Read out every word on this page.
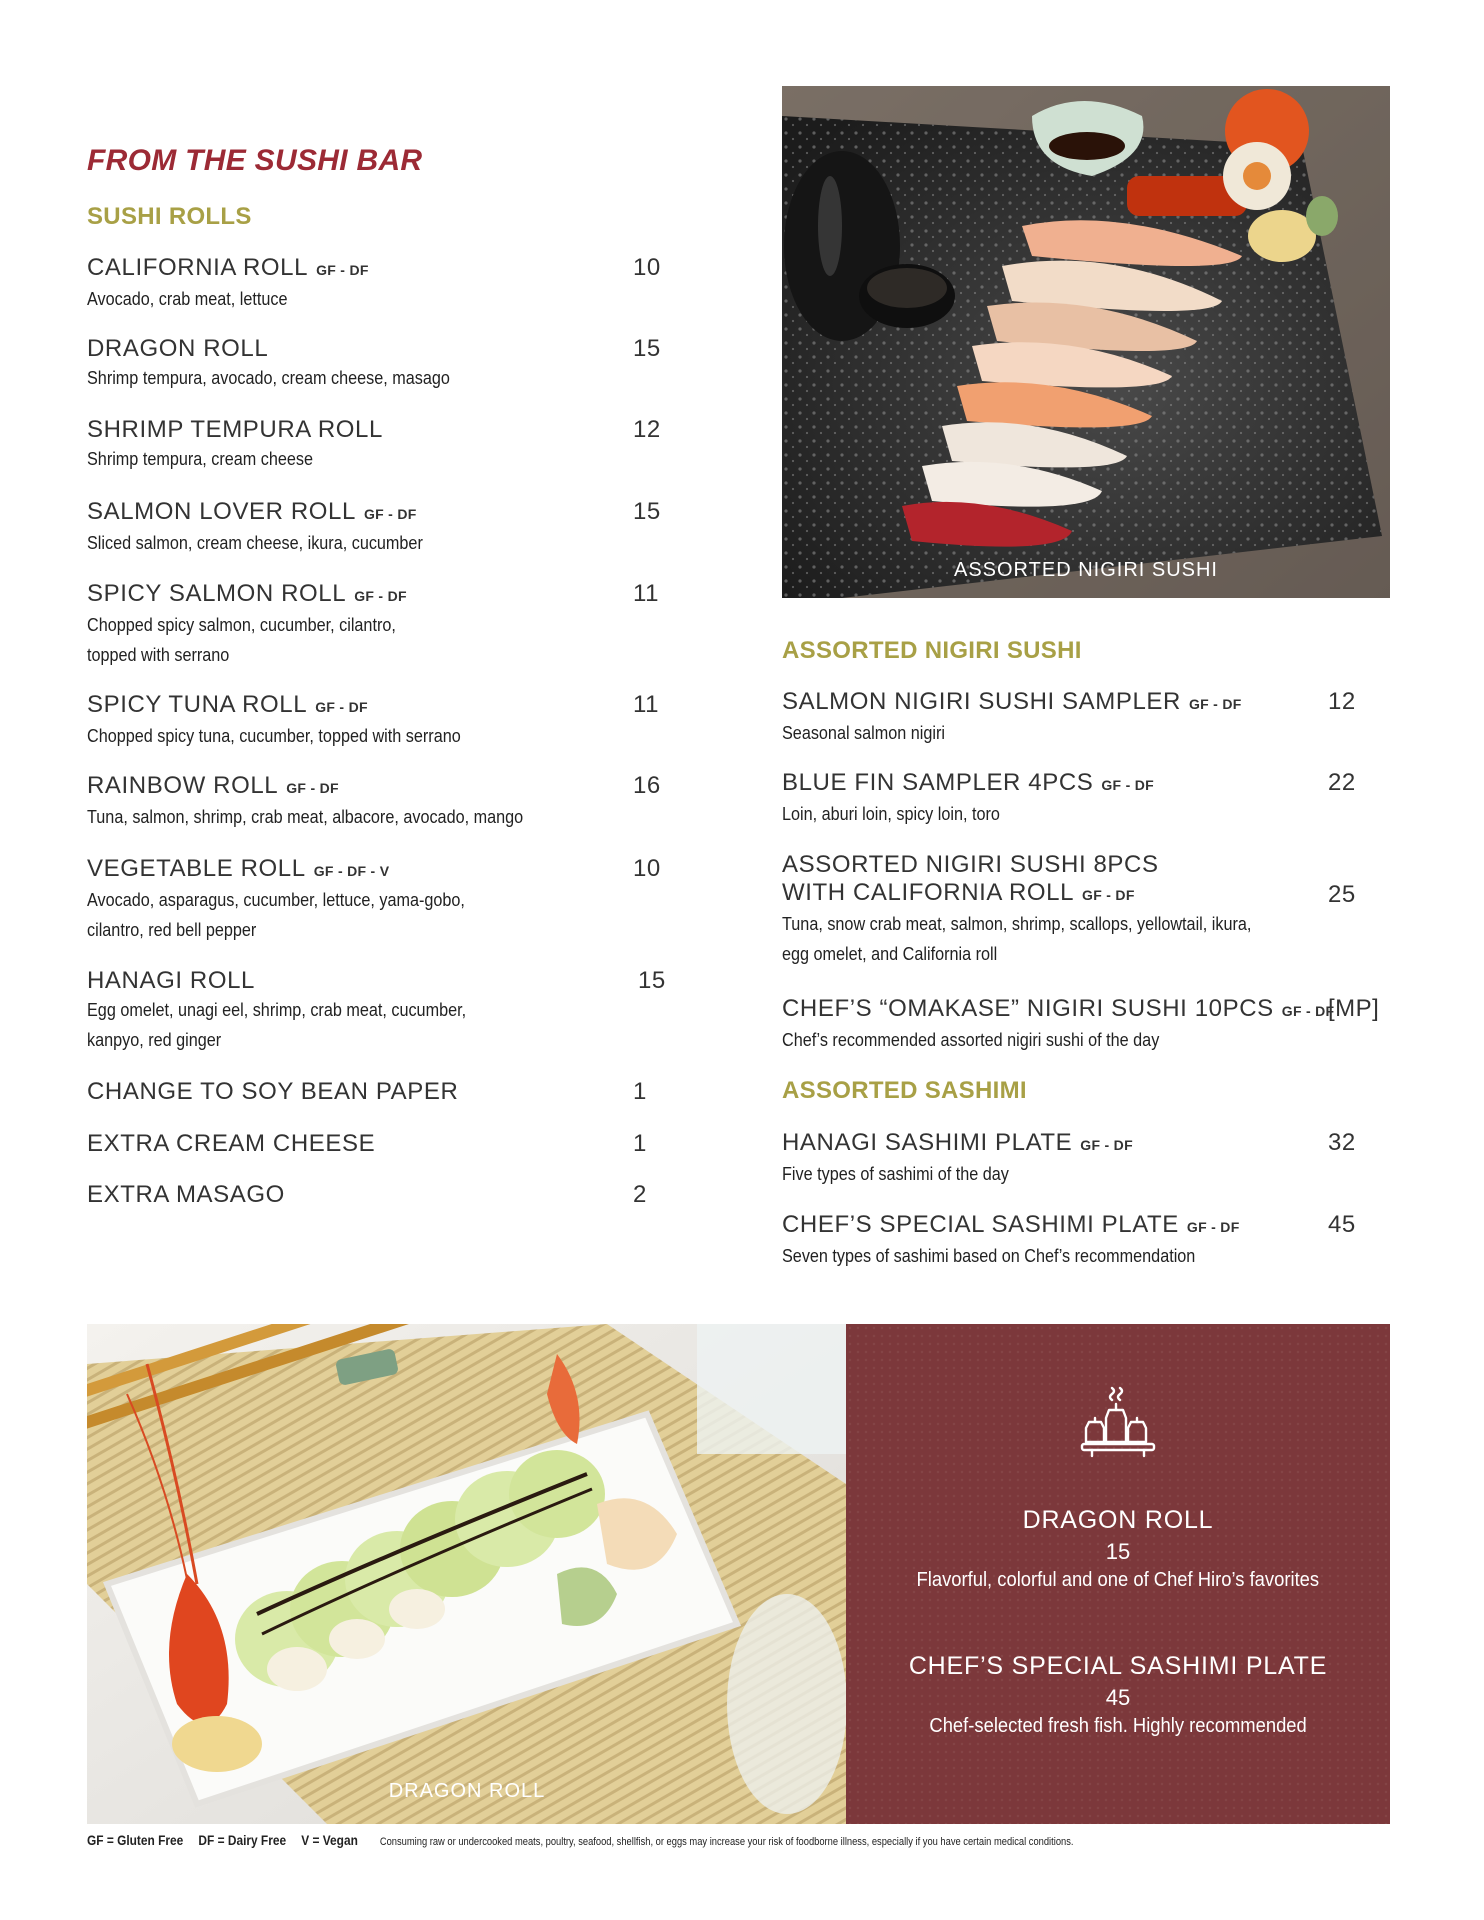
FROM THE SUSHI BAR
SUSHI ROLLS
CALIFORNIA ROLL GF - DF
Avocado, crab meat, lettuce
10
DRAGON ROLL
Shrimp tempura, avocado, cream cheese, masago
15
SHRIMP TEMPURA ROLL
Shrimp tempura, cream cheese
12
SALMON LOVER ROLL GF - DF
Sliced salmon, cream cheese, ikura, cucumber
15
SPICY SALMON ROLL GF - DF
Chopped spicy salmon, cucumber, cilantro,
topped with serrano
11
SPICY TUNA ROLL GF - DF
Chopped spicy tuna, cucumber, topped with serrano
11
RAINBOW ROLL GF - DF
Tuna, salmon, shrimp, crab meat, albacore, avocado, mango
16
VEGETABLE ROLL GF - DF - V
Avocado, asparagus, cucumber, lettuce, yama-gobo,
cilantro, red bell pepper
10
HANAGI ROLL
Egg omelet, unagi eel, shrimp, crab meat, cucumber,
kanpyo, red ginger
15
CHANGE TO SOY BEAN PAPER	1
EXTRA CREAM CHEESE	1
EXTRA MASAGO	2
ASSORTED NIGIRI SUSHI
ASSORTED NIGIRI SUSHI
SALMON NIGIRI SUSHI SAMPLER GF - DF
Seasonal salmon nigiri
12
BLUE FIN SAMPLER 4PCS GF - DF
Loin, aburi loin, spicy loin, toro
22
ASSORTED NIGIRI SUSHI 8PCS
WITH CALIFORNIA ROLL GF - DF
Tuna, snow crab meat, salmon, shrimp, scallops, yellowtail, ikura,
egg omelet, and California roll
25
CHEF’S “OMAKASE” NIGIRI SUSHI 10PCS GF - DF
Chef’s recommended assorted nigiri sushi of the day
[MP]
ASSORTED SASHIMI
HANAGI SASHIMI PLATE GF - DF
Five types of sashimi of the day
32
CHEF’S SPECIAL SASHIMI PLATE GF - DF
Seven types of sashimi based on Chef’s recommendation
45
DRAGON ROLL
DRAGON ROLL
15
Flavorful, colorful and one of Chef Hiro’s favorites
CHEF’S SPECIAL SASHIMI PLATE
45
Chef-selected fresh fish. Highly recommended
GF = Gluten Free DF = Dairy Free V = Vegan Consuming raw or undercooked meats, poultry, seafood, shellfish, or eggs may increase your risk of foodborne illness, especially if you have certain medical conditions.
